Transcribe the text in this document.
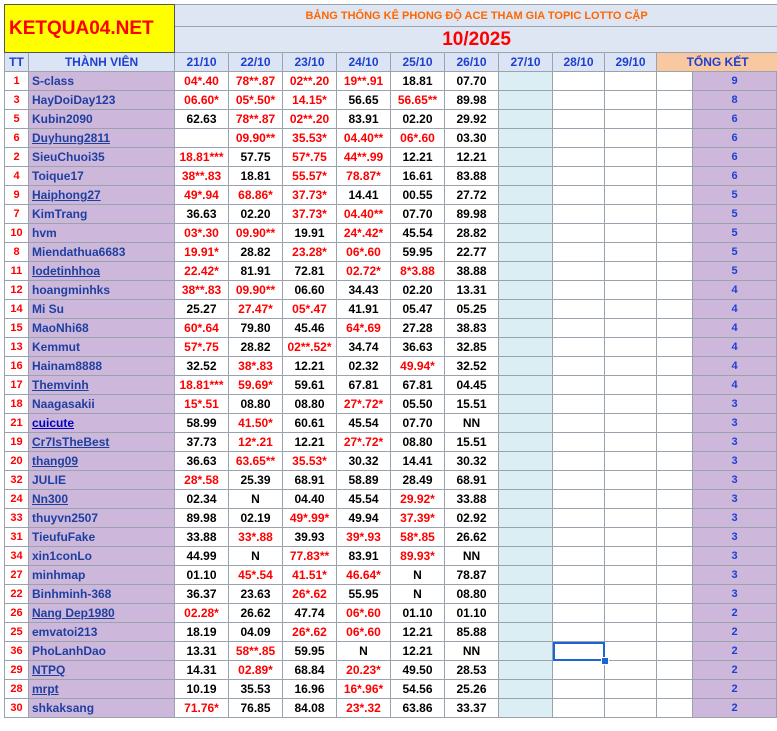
KETQUA04.NET		BẢNG THỐNG KÊ PHONG ĐỘ ACE THAM GIA TOPIC LOTTO CẶP											
		10/2025											
TT	THÀNH VIÊN	21/10	22/10	23/10	24/10	25/10	26/10	27/10	28/10	29/10	TỔNG KẾT		
1	S-class	04*.40	78**.87	02**.20	19**.91	18.81	07.70					9	
3	HayDoiDay123	06.60*	05*.50*	14.15*	56.65	56.65**	89.98					8	
5	Kubin2090	62.63	78**.87	02**.20	83.91	02.20	29.92					6	
6	Duyhung2811		09.90**	35.53*	04.40**	06*.60	03.30					6	
2	SieuChuoi35	18.81***	57.75	57*.75	44**.99	12.21	12.21					6	
4	Toique17	38**.83	18.81	55.57*	78.87*	16.61	83.88					6	
9	Haiphong27	49*.94	68.86*	37.73*	14.41	00.55	27.72					5	
7	KimTrang	36.63	02.20	37.73*	04.40**	07.70	89.98					5	
10	hvm	03*.30	09.90**	19.91	24*.42*	45.54	28.82					5	
8	Miendathua6683	19.91*	28.82	23.28*	06*.60	59.95	22.77					5	
11	lodetinhhoa	22.42*	81.91	72.81	02.72*	8*3.88	38.88					5	
12	hoangminhks	38**.83	09.90**	06.60	34.43	02.20	13.31					4	
14	Mi Su	25.27	27.47*	05*.47	41.91	05.47	05.25					4	
15	MaoNhi68	60*.64	79.80	45.46	64*.69	27.28	38.83					4	
13	Kemmut	57*.75	28.82	02**.52*	34.74	36.63	32.85					4	
16	Hainam8888	32.52	38*.83	12.21	02.32	49.94*	32.52					4	
17	Themvinh	18.81***	59.69*	59.61	67.81	67.81	04.45					4	
18	Naagasakii	15*.51	08.80	08.80	27*.72*	05.50	15.51					3	
21	cuicute	58.99	41.50*	60.61	45.54	07.70	NN					3	
19	Cr7IsTheBest	37.73	12*.21	12.21	27*.72*	08.80	15.51					3	
20	thang09	36.63	63.65**	35.53*	30.32	14.41	30.32					3	
32	JULIE	28*.58	25.39	68.91	58.89	28.49	68.91					3	
24	Nn300	02.34	N	04.40	45.54	29.92*	33.88					3	
33	thuyvn2507	89.98	02.19	49*.99*	49.94	37.39*	02.92					3	
31	TieufuFake	33.88	33*.88	39.93	39*.93	58*.85	26.62					3	
34	xin1conLo	44.99	N	77.83**	83.91	89.93*	NN					3	
27	minhmap	01.10	45*.54	41.51*	46.64*	N	78.87					3	
22	Binhminh-368	36.37	23.63	26*.62	55.95	N	08.80					3	
26	Nang Dep1980	02.28*	26.62	47.74	06*.60	01.10	01.10					2	
25	emvatoi213	18.19	04.09	26*.62	06*.60	12.21	85.88					2	
36	PhoLanhDao	13.31	58**.85	59.95	N	12.21	NN					2	
29	NTPQ	14.31	02.89*	68.84	20.23*	49.50	28.53					2	
28	mrpt	10.19	35.53	16.96	16*.96*	54.56	25.26					2	
30	shkaksang	71.76*	76.85	84.08	23*.32	63.86	33.37					2	
